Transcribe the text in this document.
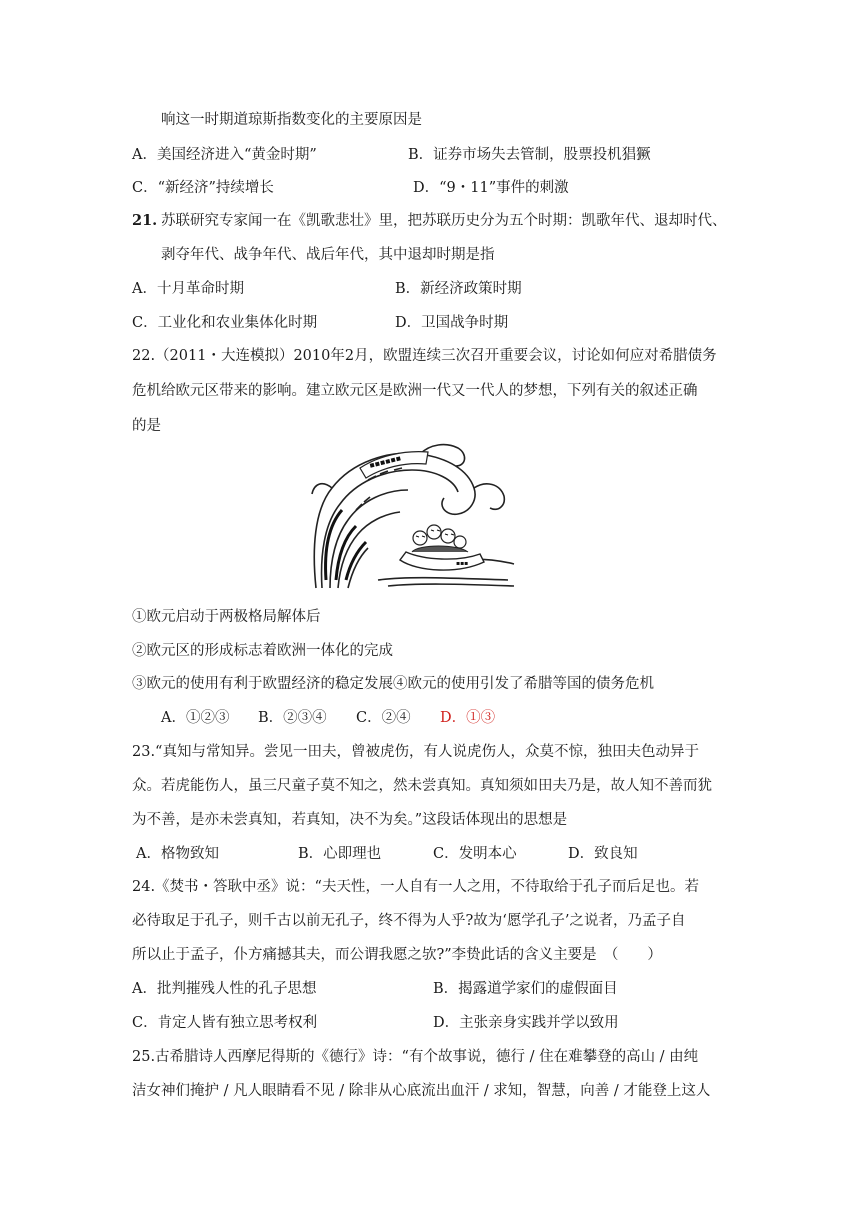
响这一时期道琼斯指数变化的主要原因是
A．美国经济进入“黄金时期”	B．证券市场失去管制，股票投机猖獗
C．“新经济”持续增长	D．“9・11”事件的刺激
21. 苏联研究专家闻一在《凯歌悲壮》里，把苏联历史分为五个时期：凯歌年代、退却时代、
剥夺年代、战争年代、战后年代，其中退却时期是指
A．十月革命时期	B．新经济政策时期
C．工业化和农业集体化时期	D．卫国战争时期
22.（2011・大连模拟）2010年2月，欧盟连续三次召开重要会议，讨论如何应对希腊债务
危机给欧元区带来的影响。建立欧元区是欧洲一代又一代人的梦想，下列有关的叙述正确
的是
▪▪▪▪▪▪
▪▪▪
①欧元启动于两极格局解体后
②欧元区的形成标志着欧洲一体化的完成
③欧元的使用有利于欧盟经济的稳定发展④欧元的使用引发了希腊等国的债务危机
A．①②③ B．②③④ C．②④ D．①③
23.“真知与常知异。尝见一田夫，曾被虎伤，有人说虎伤人，众莫不惊，独田夫色动异于
众。若虎能伤人，虽三尺童子莫不知之，然未尝真知。真知须如田夫乃是，故人知不善而犹
为不善，是亦未尝真知，若真知，决不为矣。”这段话体现出的思想是
A．格物致知	B．心即理也	C．发明本心	D．致良知
24.《焚书・答耿中丞》说：“夫天性，一人自有一人之用，不待取给于孔子而后足也。若
必待取足于孔子，则千古以前无孔子，终不得为人乎?故为‘愿学孔子’之说者，乃孟子自
所以止于孟子，仆方痛撼其夫，而公谓我愿之欤?”李贽此话的含义主要是　（　　）
A．批判摧残人性的孔子思想	B．揭露道学家们的虚假面目
C．肯定人皆有独立思考权利	D．主张亲身实践并学以致用
25.古希腊诗人西摩尼得斯的《德行》诗：“有个故事说，德行 / 住在难攀登的高山 / 由纯
洁女神们掩护 / 凡人眼睛看不见 / 除非从心底流出血汗 / 求知，智慧，向善 / 才能登上这人
